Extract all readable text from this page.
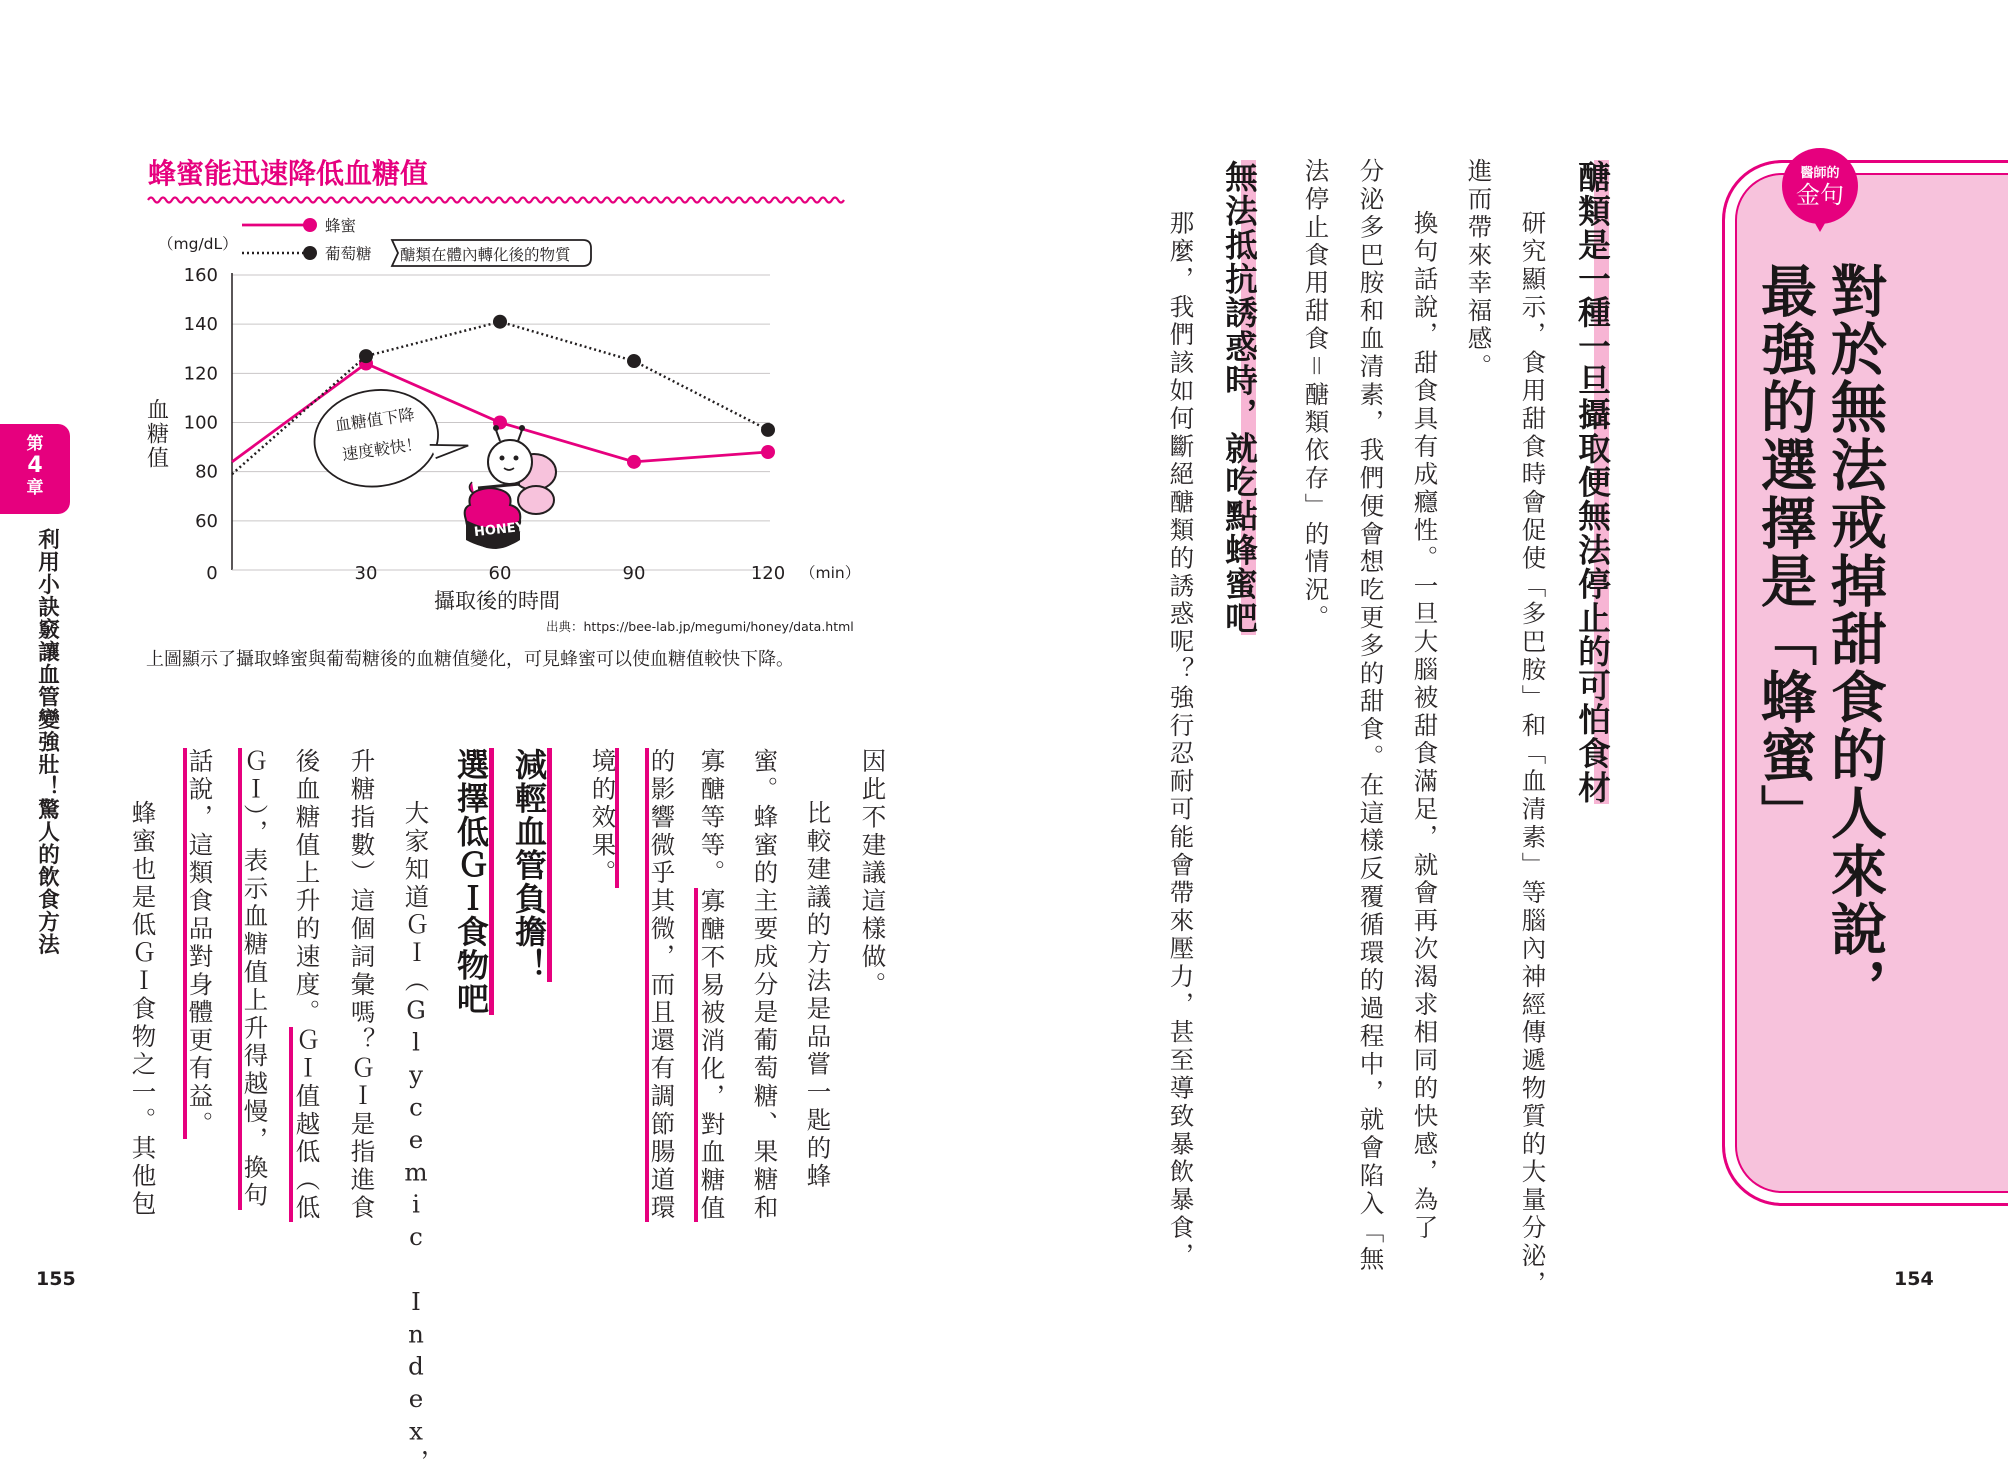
第
4
章
利用小訣竅讓血管變強壯！驚人的飲食方法
蜂蜜能迅速降低血糖值
蜂蜜
葡萄糖 醣類在體內轉化後的物質
（mg/dL）
血糖值
60
80
100
120
140
160
0	30	60	90	120 （min）
攝取後的時間
血糖值下降
速度較快！
HONEY
出典：https://bee-lab.jp/megumi/honey/data.html
上圖顯示了攝取蜂蜜與葡萄糖後的血糖值變化，可見蜂蜜可以使血糖值較快下降。
因此不建議這樣做。
比較建議的方法是品嘗一匙的蜂
蜜。蜂蜜的主要成分是葡萄糖、果糖和
寡醣等等。寡醣不易被消化，對血糖值
的影響微乎其微，而且還有調節腸道環
境的效果。
減輕血管負擔！
選擇低ＧＩ食物吧
大家知道ＧＩ（Glycemic Index，
升糖指數）這個詞彙嗎？ＧＩ是指進食
後血糖值上升的速度。ＧＩ值越低（低
ＧＩ），表示血糖值上升得越慢，換句
話說，這類食品對身體更有益。
蜂蜜也是低ＧＩ食物之一。其他包
155
醫師的
金句
對於無法戒掉甜食的人來說，
最強的選擇是「蜂蜜」
醣類是一種一旦攝取便無法停止的可怕食材
研究顯示，食用甜食時會促使「多巴胺」和「血清素」等腦內神經傳遞物質的大量分泌，
進而帶來幸福感。
換句話說，甜食具有成癮性。一旦大腦被甜食滿足，就會再次渴求相同的快感，為了
分泌多巴胺和血清素，我們便會想吃更多的甜食。在這樣反覆循環的過程中，就會陷入「無
法停止食用甜食＝醣類依存」的情況。
無法抵抗誘惑時，就吃點蜂蜜吧
那麼，我們該如何斷絕醣類的誘惑呢？強行忍耐可能會帶來壓力，甚至導致暴飲暴食，
154
